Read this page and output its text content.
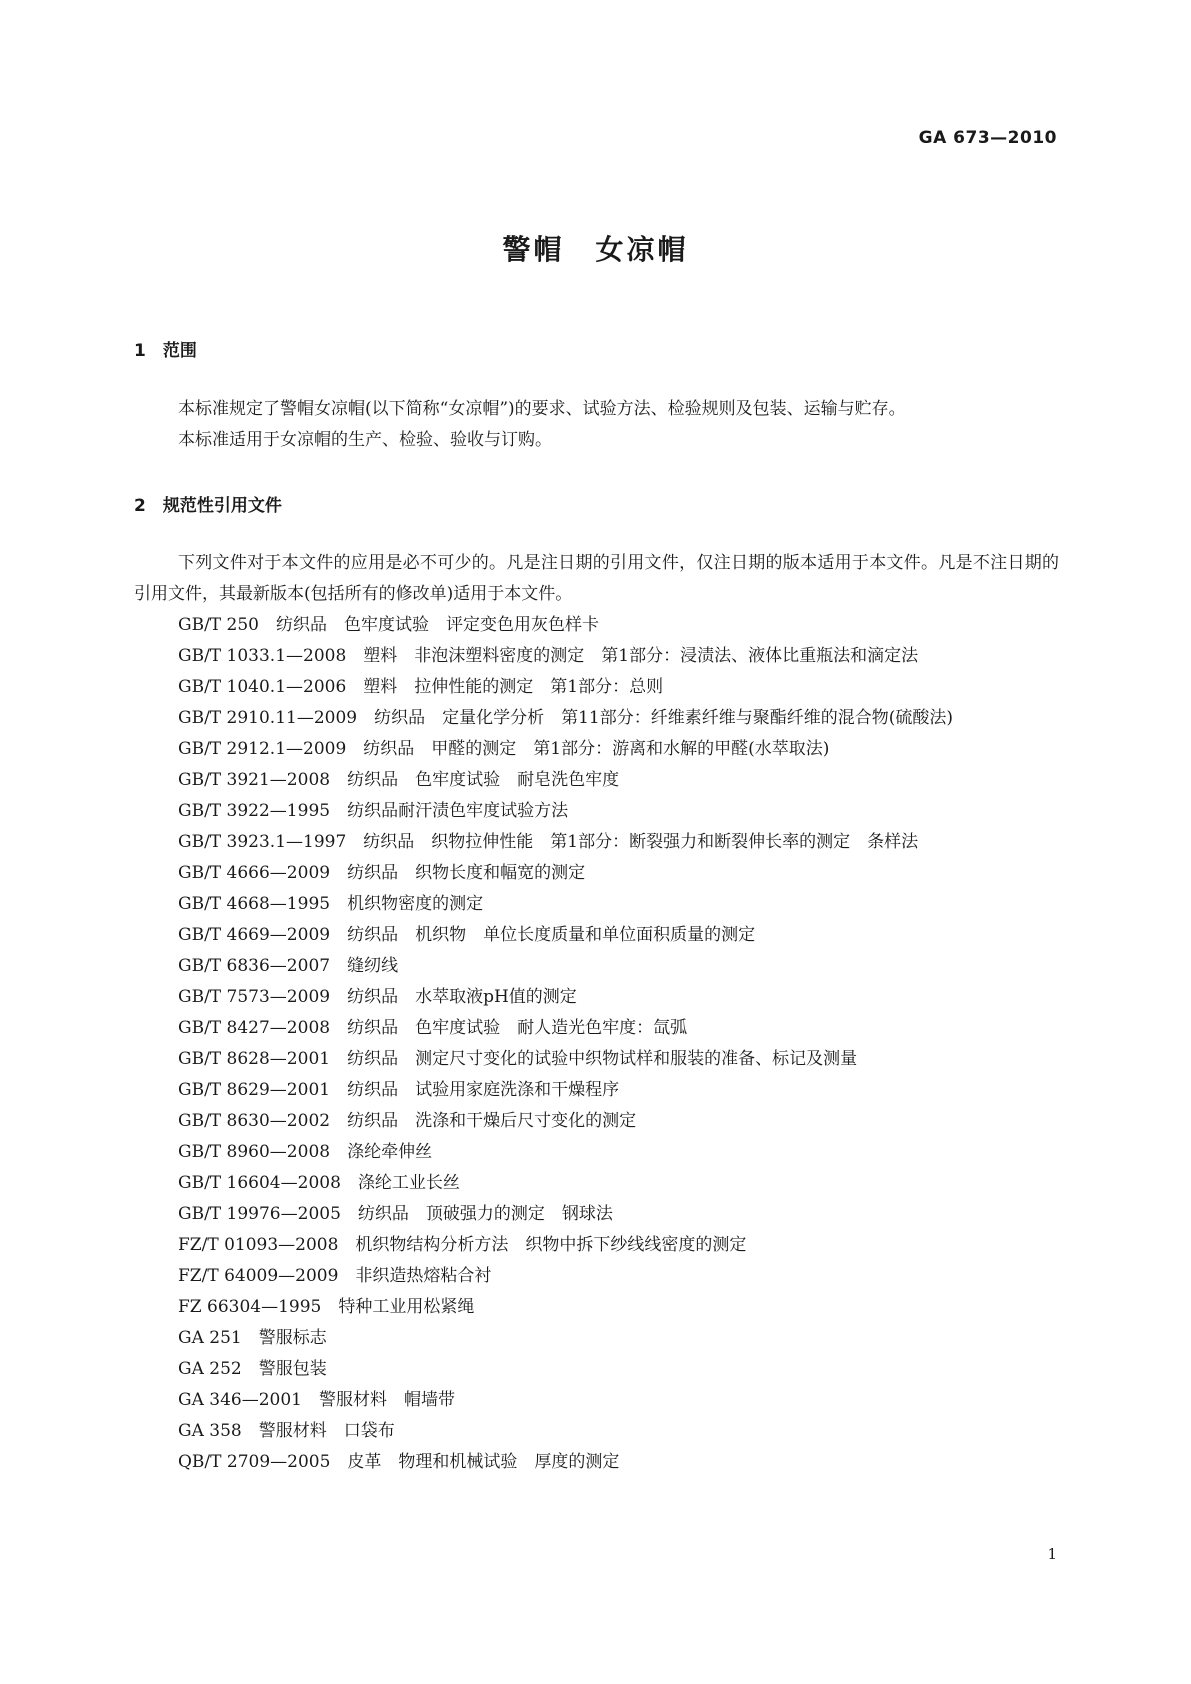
GA 673—2010
警帽　女凉帽
1　范围

本标准规定了警帽女凉帽(以下简称“女凉帽”)的要求、试验方法、检验规则及包装、运输与贮存。

本标准适用于女凉帽的生产、检验、验收与订购。

2　规范性引用文件

下列文件对于本文件的应用是必不可少的。凡是注日期的引用文件，仅注日期的版本适用于本文件。凡是不注日期的引用文件，其最新版本(包括所有的修改单)适用于本文件。

GB/T 250　纺织品　色牢度试验　评定变色用灰色样卡

GB/T 1033.1—2008　塑料　非泡沫塑料密度的测定　第1部分：浸渍法、液体比重瓶法和滴定法

GB/T 1040.1—2006　塑料　拉伸性能的测定　第1部分：总则

GB/T 2910.11—2009　纺织品　定量化学分析　第11部分：纤维素纤维与聚酯纤维的混合物(硫酸法)

GB/T 2912.1—2009　纺织品　甲醛的测定　第1部分：游离和水解的甲醛(水萃取法)

GB/T 3921—2008　纺织品　色牢度试验　耐皂洗色牢度

GB/T 3922—1995　纺织品耐汗渍色牢度试验方法

GB/T 3923.1—1997　纺织品　织物拉伸性能　第1部分：断裂强力和断裂伸长率的测定　条样法

GB/T 4666—2009　纺织品　织物长度和幅宽的测定

GB/T 4668—1995　机织物密度的测定

GB/T 4669—2009　纺织品　机织物　单位长度质量和单位面积质量的测定

GB/T 6836—2007　缝纫线

GB/T 7573—2009　纺织品　水萃取液pH值的测定

GB/T 8427—2008　纺织品　色牢度试验　耐人造光色牢度：氙弧

GB/T 8628—2001　纺织品　测定尺寸变化的试验中织物试样和服装的准备、标记及测量

GB/T 8629—2001　纺织品　试验用家庭洗涤和干燥程序

GB/T 8630—2002　纺织品　洗涤和干燥后尺寸变化的测定

GB/T 8960—2008　涤纶牵伸丝

GB/T 16604—2008　涤纶工业长丝

GB/T 19976—2005　纺织品　顶破强力的测定　钢球法

FZ/T 01093—2008　机织物结构分析方法　织物中拆下纱线线密度的测定

FZ/T 64009—2009　非织造热熔粘合衬

FZ 66304—1995　特种工业用松紧绳

GA 251　警服标志

GA 252　警服包装

GA 346—2001　警服材料　帽墙带

GA 358　警服材料　口袋布

QB/T 2709—2005　皮革　物理和机械试验　厚度的测定

1
